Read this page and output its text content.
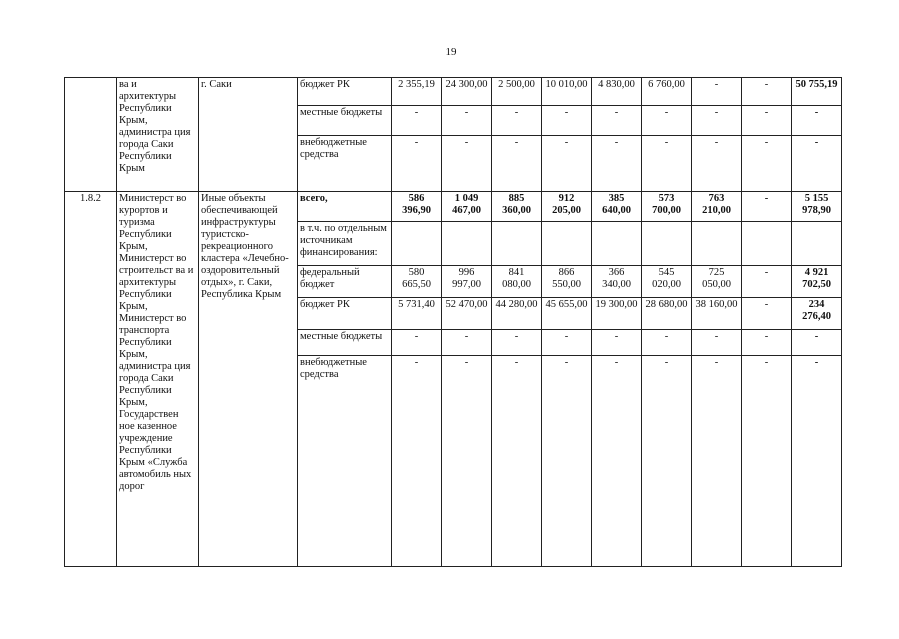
19
	ва и архитектуры Республики Крым, администра ция города Саки Республики Крым	г. Саки	бюджет РК	2 355,19	24 300,00	2 500,00	10 010,00	4 830,00	6 760,00	-	-	50 755,19
			местные бюджеты	-	-	-	-	-	-	-	-	-
			внебюджетные средства	-	-	-	-	-	-	-	-	-
1.8.2	Министерст во курортов и туризма Республики Крым, Министерст во строительст ва и архитектуры Республики Крым, Министерст во транспорта Республики Крым, администра ция города Саки Республики Крым, Государствен ное казенное учреждение Республики Крым «Служба автомобиль ных дорог	Иные объекты обеспечивающей инфраструктуры туристско-рекреационного кластера «Лечебно-оздоровительный отдых», г. Саки, Республика Крым	всего,	586 396,90	1 049 467,00	885 360,00	912 205,00	385 640,00	573 700,00	763 210,00	-	5 155 978,90
			в т.ч. по отдельным источникам финансирования:									
			федеральный бюджет	580 665,50	996 997,00	841 080,00	866 550,00	366 340,00	545 020,00	725 050,00	-	4 921 702,50
			бюджет РК	5 731,40	52 470,00	44 280,00	45 655,00	19 300,00	28 680,00	38 160,00	-	234 276,40
			местные бюджеты	-	-	-	-	-	-	-	-	-
			внебюджетные средства	-	-	-	-	-	-	-	-	-
